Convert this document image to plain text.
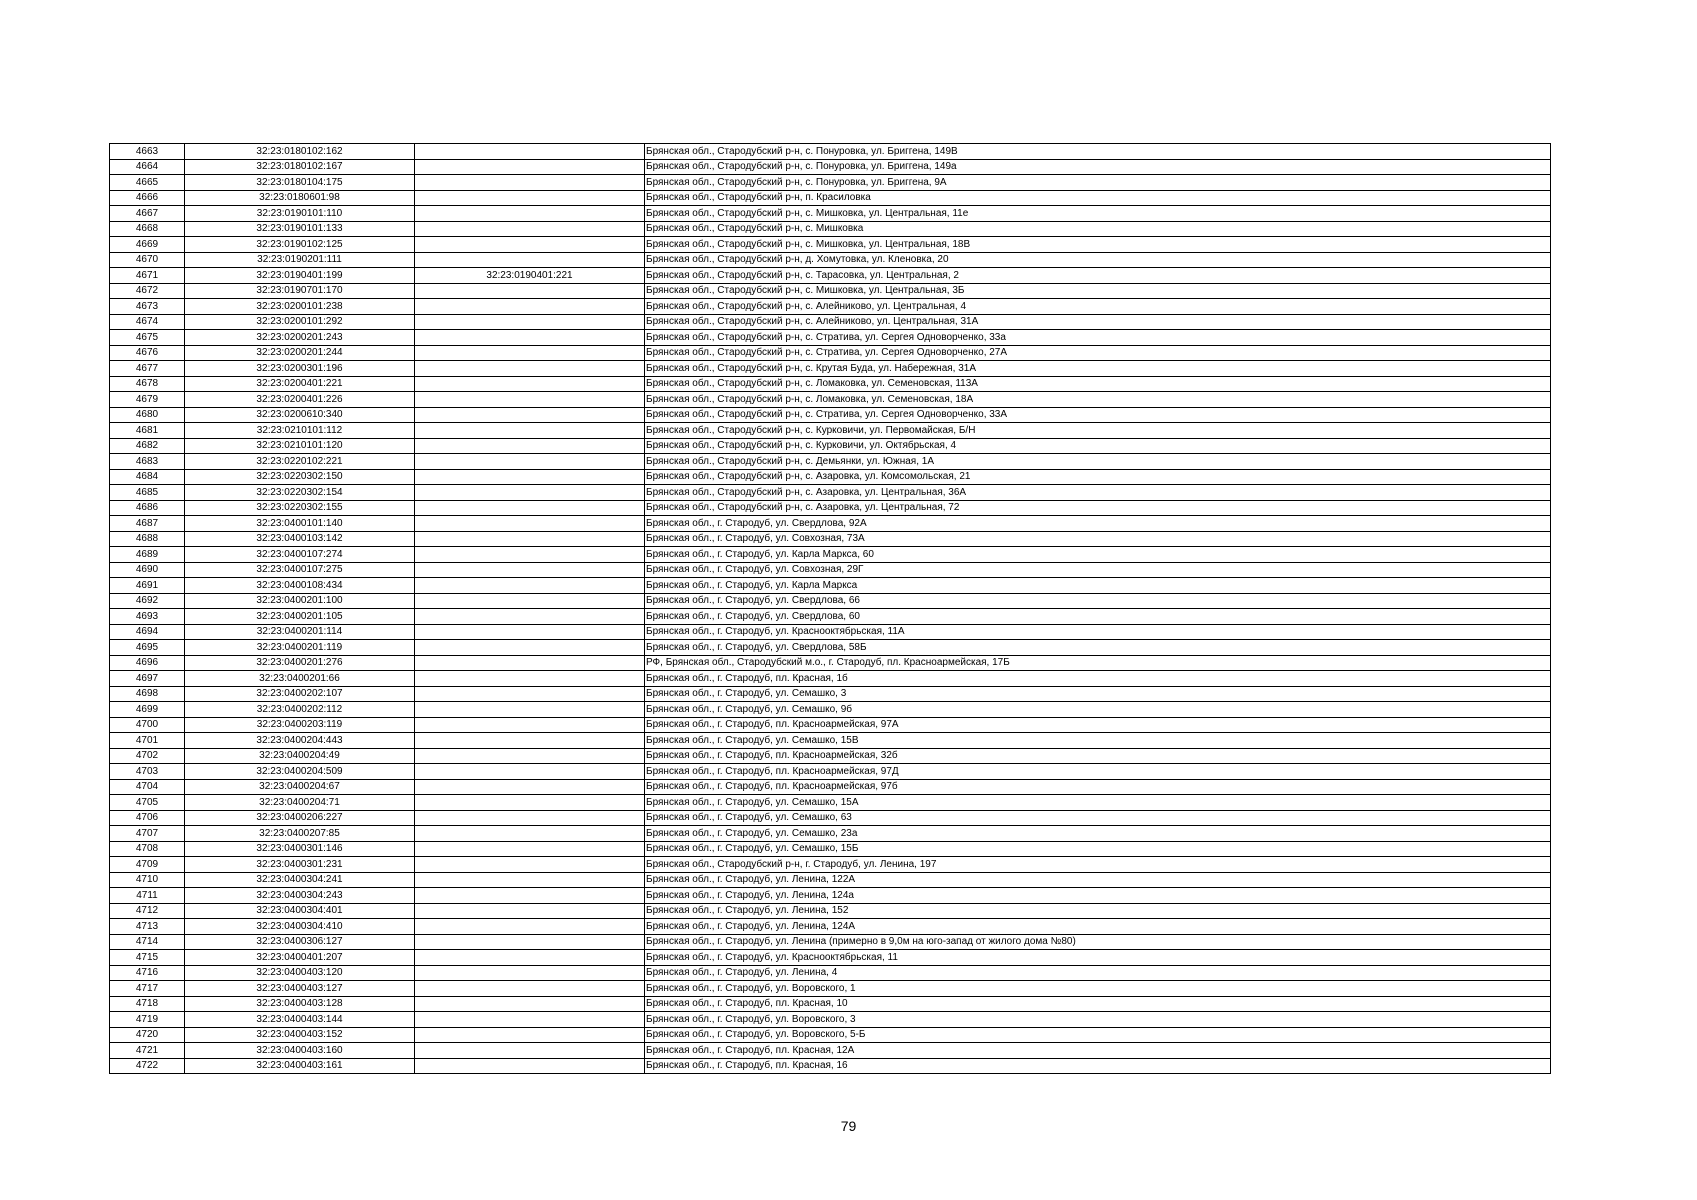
4663	32:23:0180102:162		Брянская обл., Стародубский р-н, с. Понуровка, ул. Бриггена, 149В
4664	32:23:0180102:167		Брянская обл., Стародубский р-н, с. Понуровка, ул. Бриггена, 149а
4665	32:23:0180104:175		Брянская обл., Стародубский р-н, с. Понуровка, ул. Бриггена, 9А
4666	32:23:0180601:98		Брянская обл., Стародубский р-н, п. Красиловка
4667	32:23:0190101:110		Брянская обл., Стародубский р-н, с. Мишковка, ул. Центральная, 11е
4668	32:23:0190101:133		Брянская обл., Стародубский р-н, с. Мишковка
4669	32:23:0190102:125		Брянская обл., Стародубский р-н, с. Мишковка, ул. Центральная, 18В
4670	32:23:0190201:111		Брянская обл., Стародубский р-н, д. Хомутовка, ул. Кленовка, 20
4671	32:23:0190401:199	32:23:0190401:221	Брянская обл., Стародубский р-н, с. Тарасовка, ул. Центральная, 2
4672	32:23:0190701:170		Брянская обл., Стародубский р-н, с. Мишковка, ул. Центральная, 3Б
4673	32:23:0200101:238		Брянская обл., Стародубский р-н, с. Алейниково, ул. Центральная, 4
4674	32:23:0200101:292		Брянская обл., Стародубский р-н, с. Алейниково, ул. Центральная, 31А
4675	32:23:0200201:243		Брянская обл., Стародубский р-н, с. Стратива, ул. Сергея Одноворченко, 33а
4676	32:23:0200201:244		Брянская обл., Стародубский р-н, с. Стратива, ул. Сергея Одноворченко, 27А
4677	32:23:0200301:196		Брянская обл., Стародубский р-н, с. Крутая Буда, ул. Набережная, 31А
4678	32:23:0200401:221		Брянская обл., Стародубский р-н, с. Ломаковка, ул. Семеновская, 113А
4679	32:23:0200401:226		Брянская обл., Стародубский р-н, с. Ломаковка, ул. Семеновская, 18А
4680	32:23:0200610:340		Брянская обл., Стародубский р-н, с. Стратива, ул. Сергея Одноворченко, 33А
4681	32:23:0210101:112		Брянская обл., Стародубский р-н, с. Курковичи, ул. Первомайская, Б/Н
4682	32:23:0210101:120		Брянская обл., Стародубский р-н, с. Курковичи, ул. Октябрьская, 4
4683	32:23:0220102:221		Брянская обл., Стародубский р-н, с. Демьянки, ул. Южная, 1А
4684	32:23:0220302:150		Брянская обл., Стародубский р-н, с. Азаровка, ул. Комсомольская, 21
4685	32:23:0220302:154		Брянская обл., Стародубский р-н, с. Азаровка, ул. Центральная, 36А
4686	32:23:0220302:155		Брянская обл., Стародубский р-н, с. Азаровка, ул. Центральная, 72
4687	32:23:0400101:140		Брянская обл., г. Стародуб, ул. Свердлова, 92А
4688	32:23:0400103:142		Брянская обл., г. Стародуб, ул. Совхозная, 73А
4689	32:23:0400107:274		Брянская обл., г. Стародуб, ул. Карла Маркса, 60
4690	32:23:0400107:275		Брянская обл., г. Стародуб, ул. Совхозная, 29Г
4691	32:23:0400108:434		Брянская обл., г. Стародуб, ул. Карла Маркса
4692	32:23:0400201:100		Брянская обл., г. Стародуб, ул. Свердлова, 66
4693	32:23:0400201:105		Брянская обл., г. Стародуб, ул. Свердлова, 60
4694	32:23:0400201:114		Брянская обл., г. Стародуб, ул. Краснооктябрьская, 11А
4695	32:23:0400201:119		Брянская обл., г. Стародуб, ул. Свердлова, 58Б
4696	32:23:0400201:276		РФ, Брянская обл., Стародубский м.о., г. Стародуб, пл. Красноармейская, 17Б
4697	32:23:0400201:66		Брянская обл., г. Стародуб, пл. Красная, 1б
4698	32:23:0400202:107		Брянская обл., г. Стародуб, ул. Семашко, 3
4699	32:23:0400202:112		Брянская обл., г. Стародуб, ул. Семашко, 9б
4700	32:23:0400203:119		Брянская обл., г. Стародуб, пл. Красноармейская, 97А
4701	32:23:0400204:443		Брянская обл., г. Стародуб, ул. Семашко, 15В
4702	32:23:0400204:49		Брянская обл., г. Стародуб, пл. Красноармейская, 32б
4703	32:23:0400204:509		Брянская обл., г. Стародуб, пл. Красноармейская, 97Д
4704	32:23:0400204:67		Брянская обл., г. Стародуб, пл. Красноармейская, 97б
4705	32:23:0400204:71		Брянская обл., г. Стародуб, ул. Семашко, 15А
4706	32:23:0400206:227		Брянская обл., г. Стародуб, ул. Семашко, 63
4707	32:23:0400207:85		Брянская обл., г. Стародуб, ул. Семашко, 23а
4708	32:23:0400301:146		Брянская обл., г. Стародуб, ул. Семашко, 15Б
4709	32:23:0400301:231		Брянская обл., Стародубский р-н, г. Стародуб, ул. Ленина, 197
4710	32:23:0400304:241		Брянская обл., г. Стародуб, ул. Ленина, 122А
4711	32:23:0400304:243		Брянская обл., г. Стародуб, ул. Ленина, 124а
4712	32:23:0400304:401		Брянская обл., г. Стародуб, ул. Ленина, 152
4713	32:23:0400304:410		Брянская обл., г. Стародуб, ул. Ленина, 124А
4714	32:23:0400306:127		Брянская обл., г. Стародуб, ул. Ленина (примерно в 9,0м на юго-запад от жилого дома №80)
4715	32:23:0400401:207		Брянская обл., г. Стародуб, ул. Краснооктябрьская, 11
4716	32:23:0400403:120		Брянская обл., г. Стародуб, ул. Ленина, 4
4717	32:23:0400403:127		Брянская обл., г. Стародуб, ул. Воровского, 1
4718	32:23:0400403:128		Брянская обл., г. Стародуб, пл. Красная, 10
4719	32:23:0400403:144		Брянская обл., г. Стародуб, ул. Воровского, 3
4720	32:23:0400403:152		Брянская обл., г. Стародуб, ул. Воровского, 5-Б
4721	32:23:0400403:160		Брянская обл., г. Стародуб, пл. Красная, 12А
4722	32:23:0400403:161		Брянская обл., г. Стародуб, пл. Красная, 16
79
